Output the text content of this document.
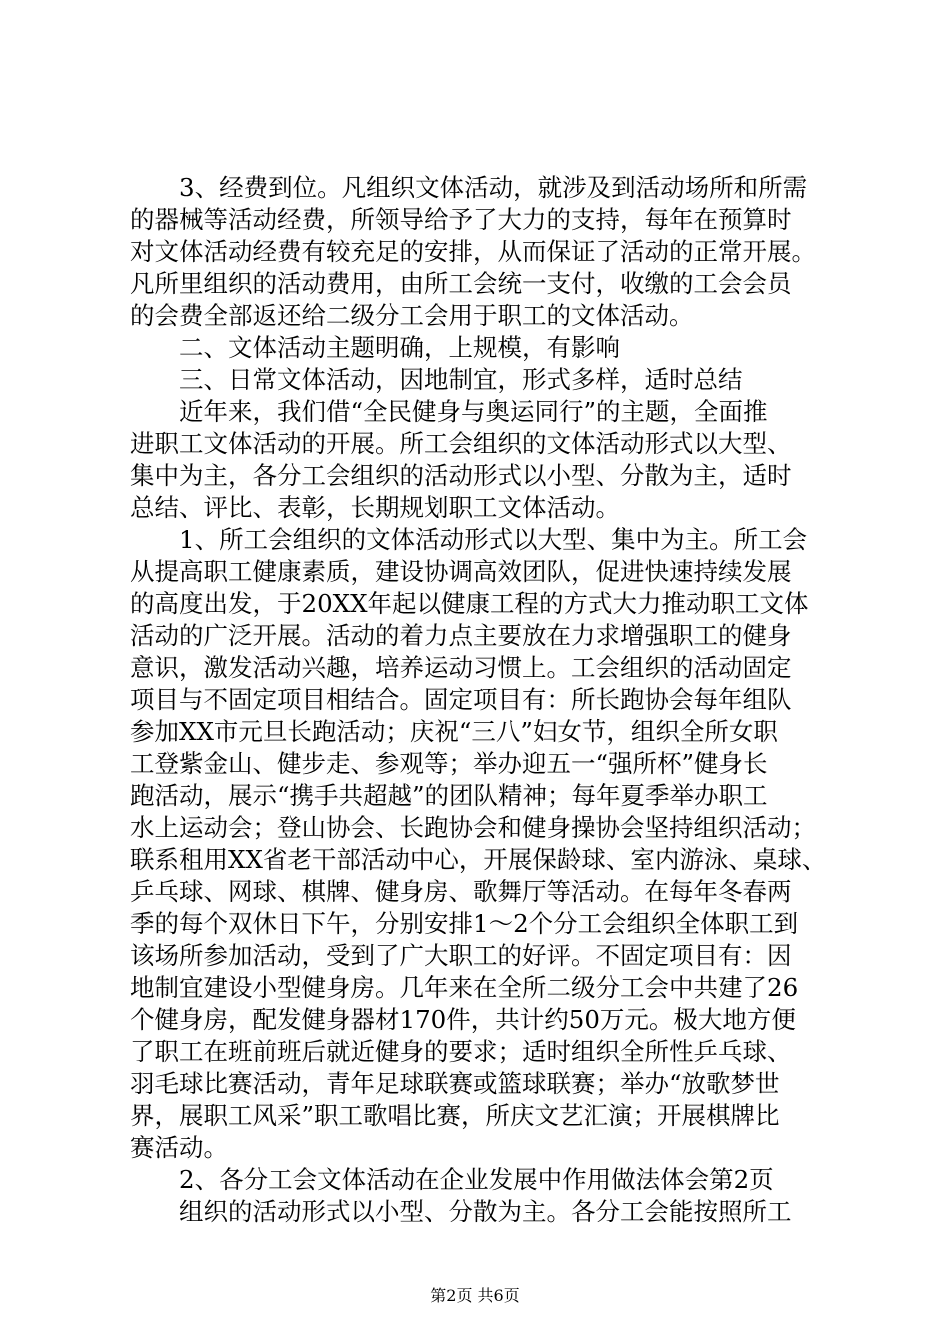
　　3、经费到位。凡组织文体活动，就涉及到活动场所和所需
的器械等活动经费，所领导给予了大力的支持，每年在预算时
对文体活动经费有较充足的安排，从而保证了活动的正常开展。
凡所里组织的活动费用，由所工会统一支付，收缴的工会会员
的会费全部返还给二级分工会用于职工的文体活动。
　　二、文体活动主题明确，上规模，有影响
　　三、日常文体活动，因地制宜，形式多样，适时总结
　　近年来，我们借“全民健身与奥运同行”的主题，全面推
进职工文体活动的开展。所工会组织的文体活动形式以大型、
集中为主，各分工会组织的活动形式以小型、分散为主，适时
总结、评比、表彰，长期规划职工文体活动。
　　1、所工会组织的文体活动形式以大型、集中为主。所工会
从提高职工健康素质，建设协调高效团队，促进快速持续发展
的高度出发，于20XX年起以健康工程的方式大力推动职工文体
活动的广泛开展。活动的着力点主要放在力求增强职工的健身
意识，激发活动兴趣，培养运动习惯上。工会组织的活动固定
项目与不固定项目相结合。固定项目有：所长跑协会每年组队
参加XX市元旦长跑活动；庆祝“三八”妇女节，组织全所女职
工登紫金山、健步走、参观等；举办迎五一“强所杯”健身长
跑活动，展示“携手共超越”的团队精神；每年夏季举办职工
水上运动会；登山协会、长跑协会和健身操协会坚持组织活动；
联系租用XX省老干部活动中心，开展保龄球、室内游泳、桌球、
乒乓球、网球、棋牌、健身房、歌舞厅等活动。在每年冬春两
季的每个双休日下午，分别安排1～2个分工会组织全体职工到
该场所参加活动，受到了广大职工的好评。不固定项目有：因
地制宜建设小型健身房。几年来在全所二级分工会中共建了26
个健身房，配发健身器材170件，共计约50万元。极大地方便
了职工在班前班后就近健身的要求；适时组织全所性乒乓球、
羽毛球比赛活动，青年足球联赛或篮球联赛；举办“放歌梦世
界，展职工风采”职工歌唱比赛，所庆文艺汇演；开展棋牌比
赛活动。
　　2、各分工会文体活动在企业发展中作用做法体会第2页
　　组织的活动形式以小型、分散为主。各分工会能按照所工
第2页 共6页
